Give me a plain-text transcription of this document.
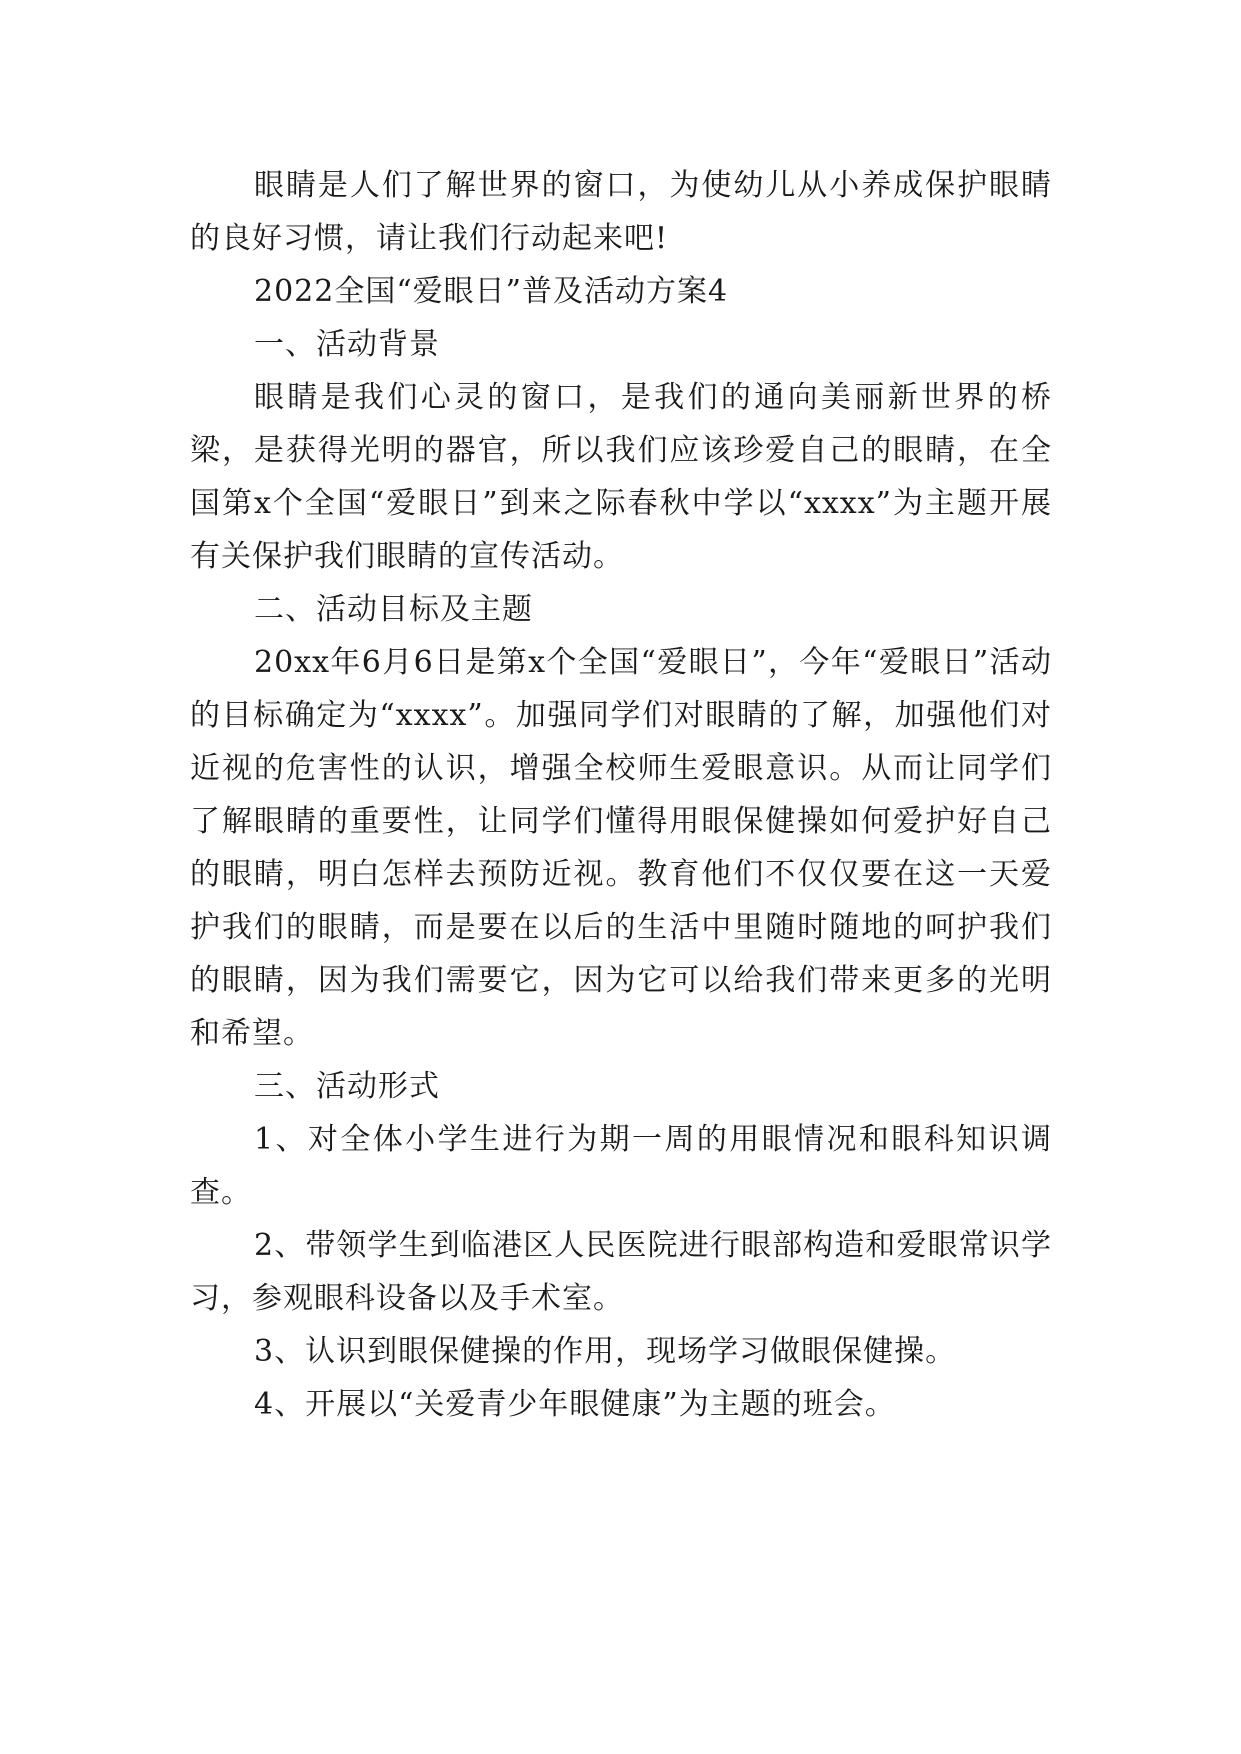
眼睛是人们了解世界的窗口，为使幼儿从小养成保护眼睛的良好习惯，请让我们行动起来吧!

2022全国“爱眼日”普及活动方案4

一、活动背景

眼睛是我们心灵的窗口，是我们的通向美丽新世界的桥梁，是获得光明的器官，所以我们应该珍爱自己的眼睛，在全国第x个全国“爱眼日”到来之际春秋中学以“xxxx”为主题开展有关保护我们眼睛的宣传活动。

二、活动目标及主题

20xx年6月6日是第x个全国“爱眼日”，今年“爱眼日”活动的目标确定为“xxxx”。加强同学们对眼睛的了解，加强他们对近视的危害性的认识，增强全校师生爱眼意识。从而让同学们了解眼睛的重要性，让同学们懂得用眼保健操如何爱护好自己的眼睛，明白怎样去预防近视。教育他们不仅仅要在这一天爱护我们的眼睛，而是要在以后的生活中里随时随地的呵护我们的眼睛，因为我们需要它，因为它可以给我们带来更多的光明和希望。

三、活动形式

1、对全体小学生进行为期一周的用眼情况和眼科知识调查。

2、带领学生到临港区人民医院进行眼部构造和爱眼常识学习，参观眼科设备以及手术室。

3、认识到眼保健操的作用，现场学习做眼保健操。

4、开展以“关爱青少年眼健康”为主题的班会。
